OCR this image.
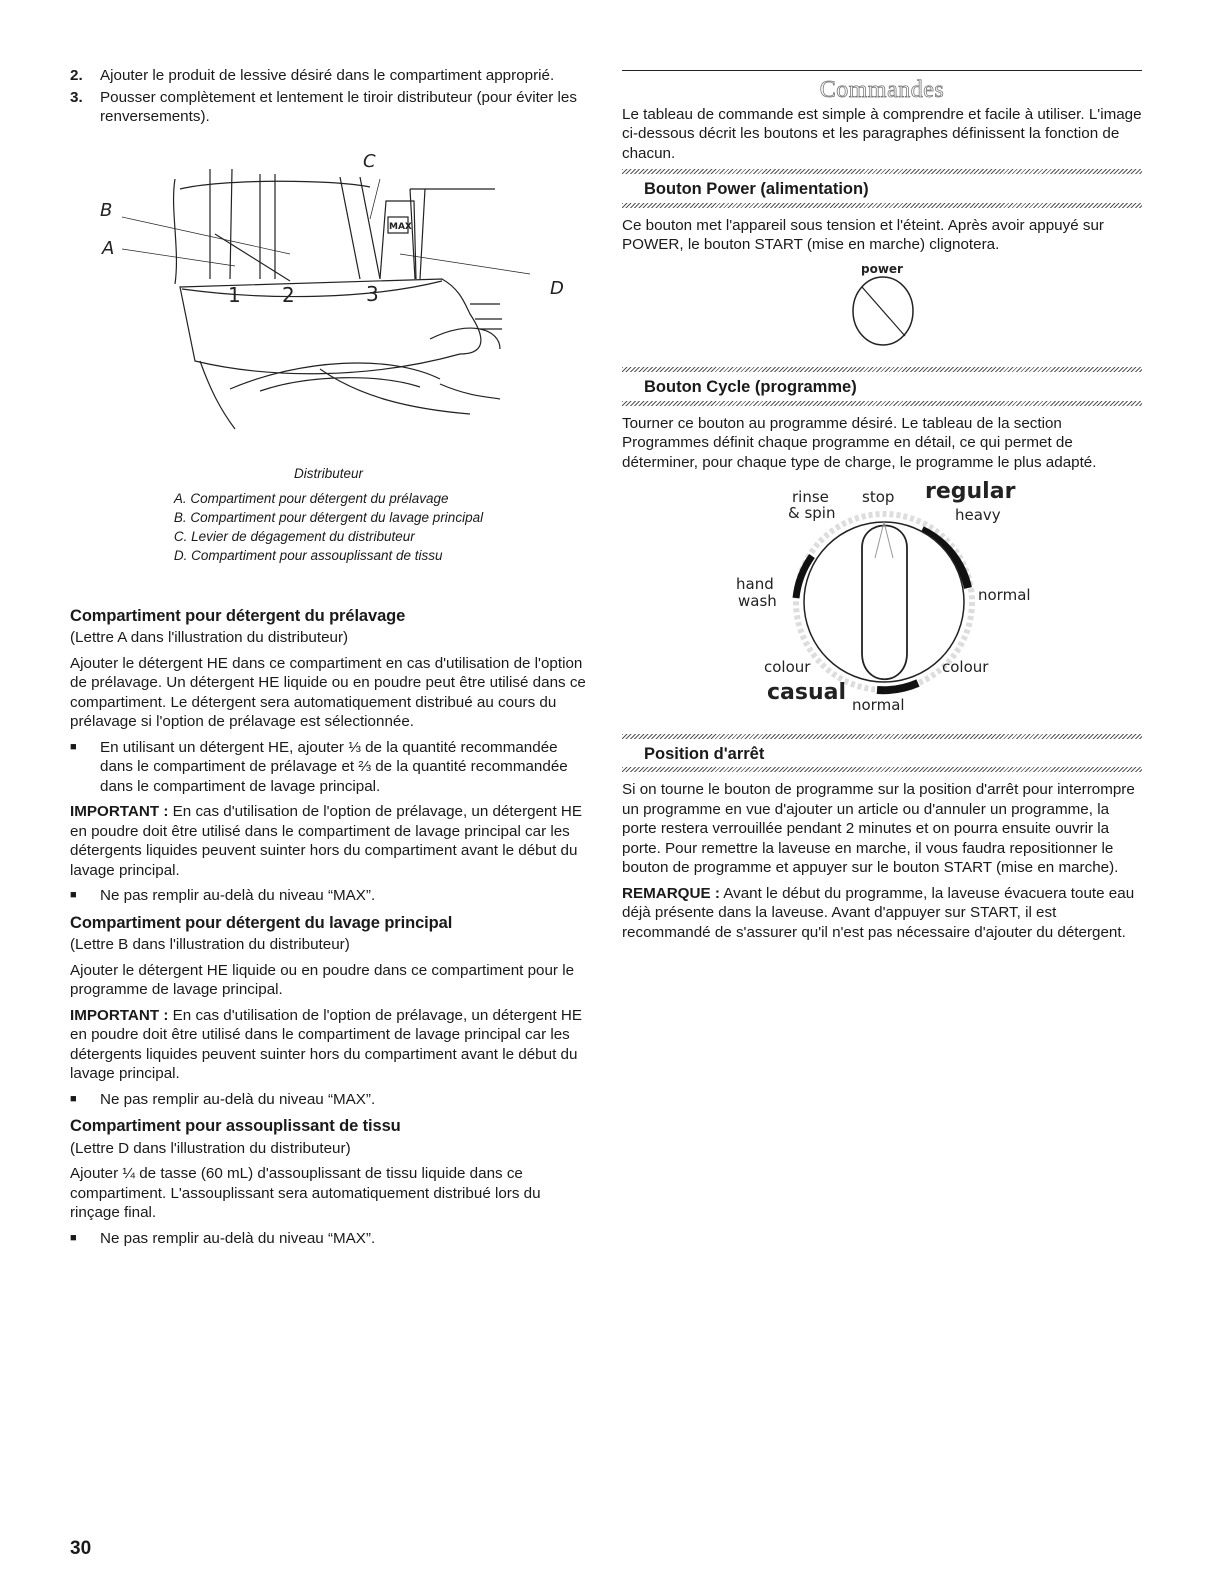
2.	Ajouter le produit de lessive désiré dans le compartiment approprié.
3.	Pousser complètement et lentement le tiroir distributeur (pour éviter les renversements).
B
A
C
D
1 2	3
MAX
Distributeur
A. Compartiment pour détergent du prélavage
B. Compartiment pour détergent du lavage principal
C. Levier de dégagement du distributeur
D. Compartiment pour assouplissant de tissu
Compartiment pour détergent du prélavage

(Lettre A dans l'illustration du distributeur)

Ajouter le détergent HE dans ce compartiment en cas d'utilisation de l'option de prélavage. Un détergent HE liquide ou en poudre peut être utilisé dans ce compartiment. Le détergent sera automatiquement distribué au cours du prélavage si l'option de prélavage est sélectionnée.

■	En utilisant un détergent HE, ajouter ⅓ de la quantité recommandée dans le compartiment de prélavage et ⅔ de la quantité recommandée dans le compartiment de lavage principal.

IMPORTANT : En cas d'utilisation de l'option de prélavage, un détergent HE en poudre doit être utilisé dans le compartiment de lavage principal car les détergents liquides peuvent suinter hors du compartiment avant le début du lavage principal.

■	Ne pas remplir au-delà du niveau “MAX”.
Compartiment pour détergent du lavage principal

(Lettre B dans l'illustration du distributeur)

Ajouter le détergent HE liquide ou en poudre dans ce compartiment pour le programme de lavage principal.

IMPORTANT : En cas d'utilisation de l'option de prélavage, un détergent HE en poudre doit être utilisé dans le compartiment de lavage principal car les détergents liquides peuvent suinter hors du compartiment avant le début du lavage principal.

■	Ne pas remplir au-delà du niveau “MAX”.
Compartiment pour assouplissant de tissu

(Lettre D dans l'illustration du distributeur)

Ajouter ¼ de tasse (60 mL) d'assouplissant de tissu liquide dans ce compartiment. L'assouplissant sera automatiquement distribué lors du rinçage final.

■	Ne pas remplir au-delà du niveau “MAX”.
Commandes

Le tableau de commande est simple à comprendre et facile à utiliser. L'image ci-dessous décrit les boutons et les paragraphes définissent la fonction de chacun.

Bouton Power (alimentation)

Ce bouton met l'appareil sous tension et l'éteint. Après avoir appuyé sur POWER, le bouton START (mise en marche) clignotera.

power
Bouton Cycle (programme)

Tourner ce bouton au programme désiré. Le tableau de la section Programmes définit chaque programme en détail, ce qui permet de déterminer, pour chaque type de charge, le programme le plus adapté.

rinse
& spin
stop regular
heavy
hand
wash	normal
colour	colour
casual normal
Position d'arrêt

Si on tourne le bouton de programme sur la position d'arrêt pour interrompre un programme en vue d'ajouter un article ou d'annuler un programme, la porte restera verrouillée pendant 2 minutes et on pourra ensuite ouvrir la porte. Pour remettre la laveuse en marche, il vous faudra repositionner le bouton de programme et appuyer sur le bouton START (mise en marche).

REMARQUE : Avant le début du programme, la laveuse évacuera toute eau déjà présente dans la laveuse. Avant d'appuyer sur START, il est recommandé de s'assurer qu'il n'est pas nécessaire d'ajouter du détergent.

30
